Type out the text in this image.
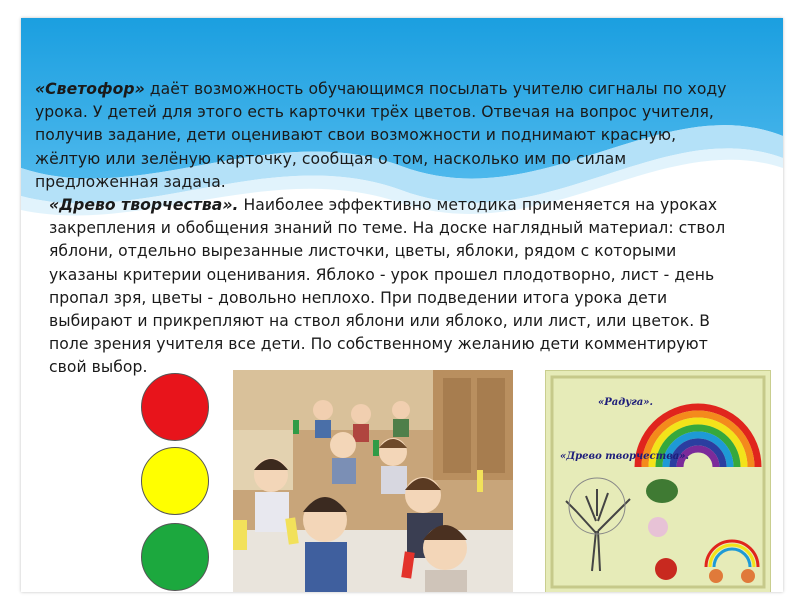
«Светофор» даёт возможность обучающимся посылать учителю сигналы по ходу урока. У детей для этого есть карточки трёх цветов. Отвечая на вопрос учителя, получив задание, дети оценивают свои возможности и поднимают красную, жёлтую или зелёную карточку, сообщая о том, насколько им по силам предложенная задача.

«Древо творчества». Наиболее эффективно методика применяется на уроках закрепления и обобщения знаний по теме. На доске наглядный материал: ствол яблони, отдельно вырезанные листочки, цветы, яблоки, рядом с которыми указаны критерии оценивания. Яблоко - урок прошел плодотворно, лист - день пропал зря, цветы - довольно неплохо. При подведении итога урока дети выбирают и прикрепляют на ствол яблони или яблоко, или лист, или цветок. В поле зрения учителя все дети. По собственному желанию дети комментируют свой выбор.

«Радуга».
«Древо творчества».
